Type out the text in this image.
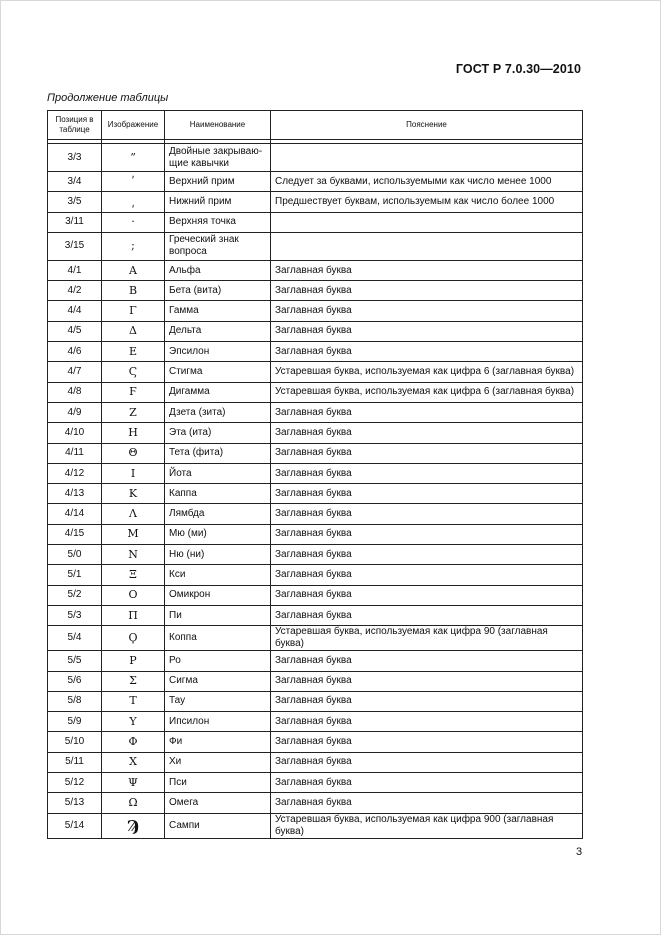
ГОСТ Р 7.0.30—2010
Продолжение таблицы
Позиция в таблице	Изображение	Наименование	Пояснение

3/3	”	Двойные закрываю-щие кавычки	
3/4	ʹ	Верхний прим	Следует за буквами, используемыми как число менее 1000
3/5	͵	Нижний прим	Предшествует буквам, используемым как число более 1000
3/11	·	Верхняя точка	
3/15	;	Греческий знак вопроса	
4/1	Α	Альфа	Заглавная буква
4/2	Β	Бета (вита)	Заглавная буква
4/4	Γ	Гамма	Заглавная буква
4/5	Δ	Дельта	Заглавная буква
4/6	Ε	Эпсилон	Заглавная буква
4/7	Ϛ	Стигма	Устаревшая буква, используемая как цифра 6 (заглавная буква)
4/8	Ϝ	Дигамма	Устаревшая буква, используемая как цифра 6 (заглавная буква)
4/9	Ζ	Дзета (зита)	Заглавная буква
4/10	Η	Эта (ита)	Заглавная буква
4/11	Θ	Тета (фита)	Заглавная буква
4/12	Ι	Йота	Заглавная буква
4/13	Κ	Каппа	Заглавная буква
4/14	Λ	Лямбда	Заглавная буква
4/15	Μ	Мю (ми)	Заглавная буква
5/0	Ν	Ню (ни)	Заглавная буква
5/1	Ξ	Кси	Заглавная буква
5/2	Ο	Омикрон	Заглавная буква
5/3	Π	Пи	Заглавная буква
5/4	Ϙ	Коппа	Устаревшая буква, используемая как цифра 90 (заглавная буква)
5/5	Ρ	Ро	Заглавная буква
5/6	Σ	Сигма	Заглавная буква
5/8	Τ	Тау	Заглавная буква
5/9	Υ	Ипсилон	Заглавная буква
5/10	Φ	Фи	Заглавная буква
5/11	Χ	Хи	Заглавная буква
5/12	Ψ	Пси	Заглавная буква
5/13	Ω	Омега	Заглавная буква
5/14	Ϡ	Сампи	Устаревшая буква, используемая как цифра 900 (заглавная буква)
3
